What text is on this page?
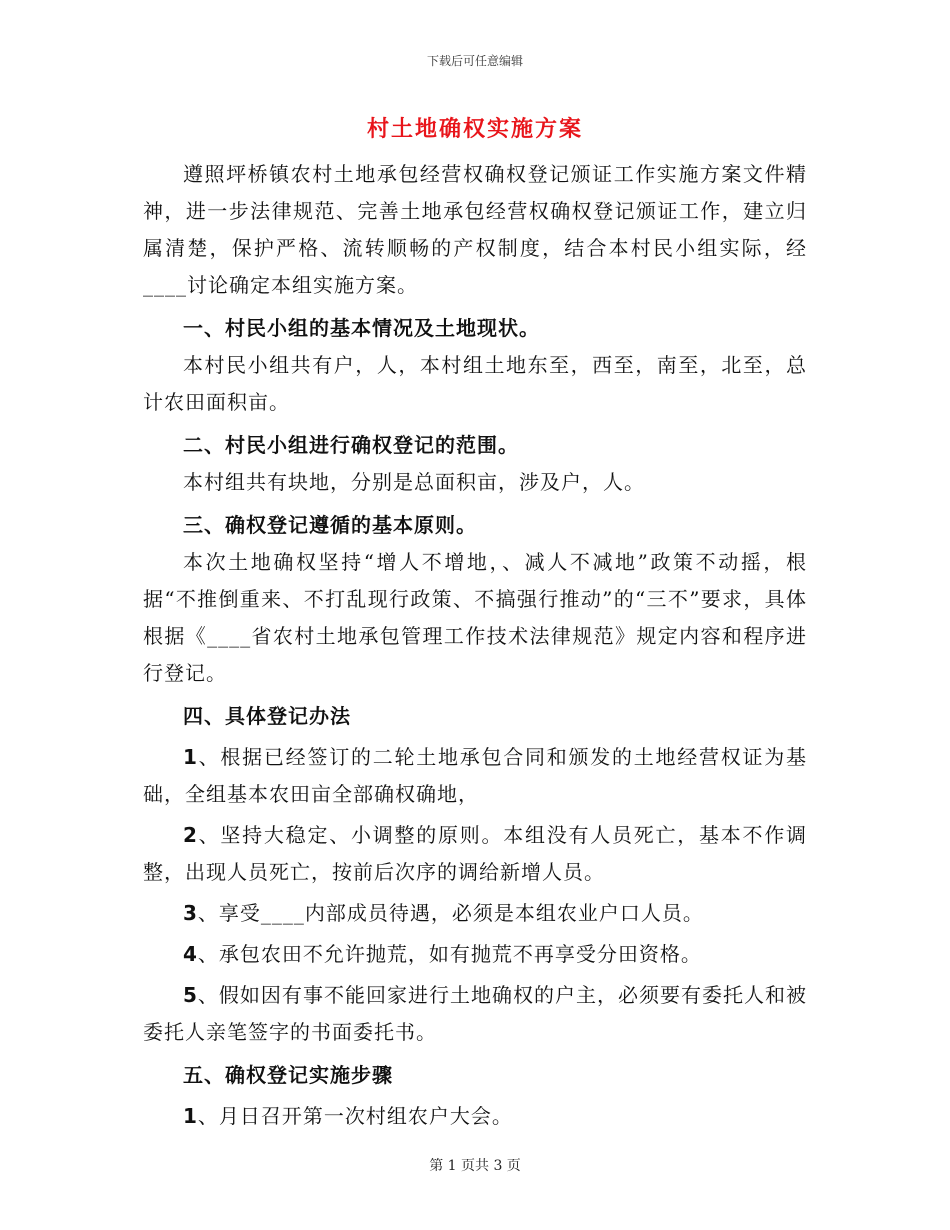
下载后可任意编辑
村土地确权实施方案

遵照坪桥镇农村土地承包经营权确权登记颁证工作实施方案文件精神，进一步法律规范、完善土地承包经营权确权登记颁证工作，建立归属清楚，保护严格、流转顺畅的产权制度，结合本村民小组实际，经____讨论确定本组实施方案。

一、村民小组的基本情况及土地现状。

本村民小组共有户，人，本村组土地东至，西至，南至，北至，总计农田面积亩。

二、村民小组进行确权登记的范围。

本村组共有块地，分别是总面积亩，涉及户，人。

三、确权登记遵循的基本原则。

本次土地确权坚持“增人不增地，、减人不减地”政策不动摇，根据“不推倒重来、不打乱现行政策、不搞强行推动”的“三不”要求，具体根据《____省农村土地承包管理工作技术法律规范》规定内容和程序进行登记。

四、具体登记办法

1、根据已经签订的二轮土地承包合同和颁发的土地经营权证为基础，全组基本农田亩全部确权确地，

2、坚持大稳定、小调整的原则。本组没有人员死亡，基本不作调整，出现人员死亡，按前后次序的调给新增人员。

3、享受____内部成员待遇，必须是本组农业户口人员。

4、承包农田不允许抛荒，如有抛荒不再享受分田资格。

5、假如因有事不能回家进行土地确权的户主，必须要有委托人和被委托人亲笔签字的书面委托书。

五、确权登记实施步骤

1、月日召开第一次村组农户大会。

第 1 页共 3 页
